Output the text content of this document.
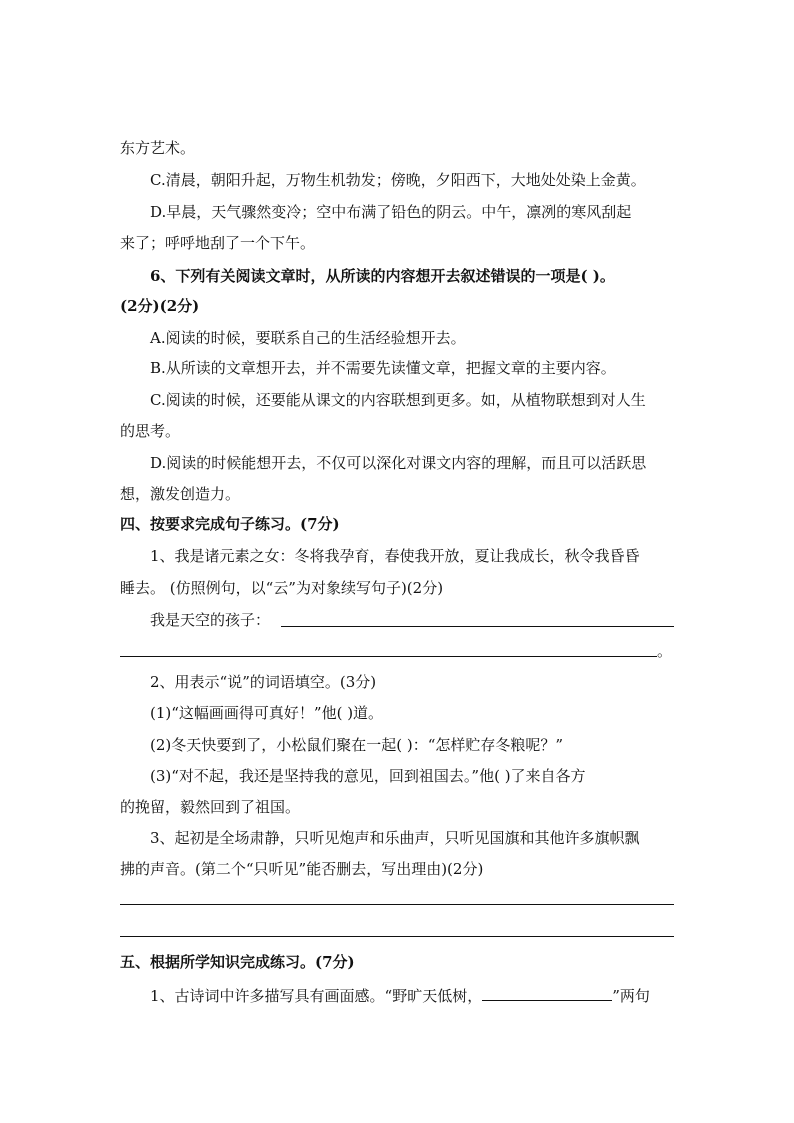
东方艺术。
C.清晨，朝阳升起，万物生机勃发；傍晚，夕阳西下，大地处处染上金黄。
D.早晨，天气骤然变冷；空中布满了铅色的阴云。中午，凛冽的寒风刮起
来了；呼呼地刮了一个下午。
6、下列有关阅读文章时，从所读的内容想开去叙述错误的一项是( )。
(2分)(2分)
A.阅读的时候，要联系自己的生活经验想开去。
B.从所读的文章想开去，并不需要先读懂文章，把握文章的主要内容。
C.阅读的时候，还要能从课文的内容联想到更多。如，从植物联想到对人生
的思考。
D.阅读的时候能想开去，不仅可以深化对课文内容的理解，而且可以活跃思
想，激发创造力。
四、按要求完成句子练习。(7分)
1、我是诸元素之女：冬将我孕育，春使我开放，夏让我成长，秋令我昏昏
睡去。 (仿照例句，以“云”为对象续写句子)(2分)
我是天空的孩子：
。
2、用表示“说”的词语填空。(3分)
(1)“这幅画画得可真好！”他( )道。
(2)冬天快要到了，小松鼠们聚在一起( )：“怎样贮存冬粮呢？”
(3)“对不起，我还是坚持我的意见，回到祖国去。”他( )了来自各方
的挽留，毅然回到了祖国。
3、起初是全场肃静，只听见炮声和乐曲声，只听见国旗和其他许多旗帜飘
拂的声音。(第二个“只听见”能否删去，写出理由)(2分)
五、根据所学知识完成练习。(7分)
1、古诗词中许多描写具有画面感。“野旷天低树，	”两句
